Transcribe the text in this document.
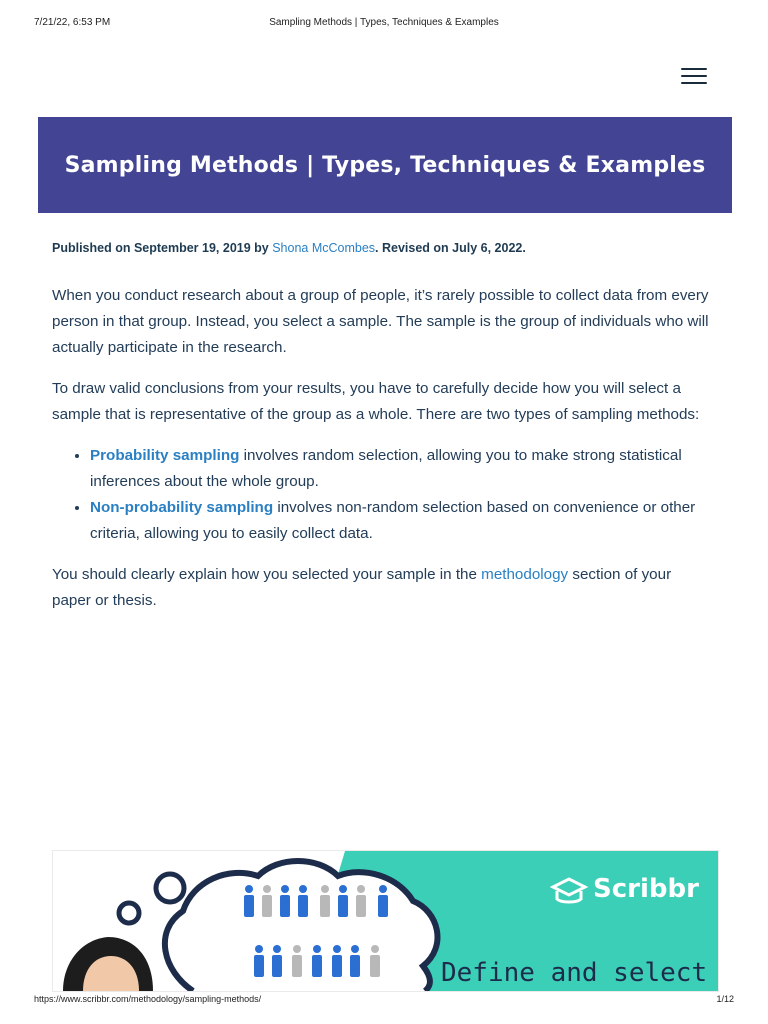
7/21/22, 6:53 PM	Sampling Methods | Types, Techniques & Examples
Sampling Methods | Types, Techniques & Examples
Published on September 19, 2019 by Shona McCombes. Revised on July 6, 2022.

When you conduct research about a group of people, it’s rarely possible to collect data from every person in that group. Instead, you select a sample. The sample is the group of individuals who will actually participate in the research.

To draw valid conclusions from your results, you have to carefully decide how you will select a sample that is representative of the group as a whole. There are two types of sampling methods:

• Probability sampling involves random selection, allowing you to make strong statistical inferences about the whole group.
• Non-probability sampling involves non-random selection based on convenience or other criteria, allowing you to easily collect data.

You should clearly explain how you selected your sample in the methodology section of your paper or thesis.

Scribbr
Define and select
https://www.scribbr.com/methodology/sampling-methods/	1/12
